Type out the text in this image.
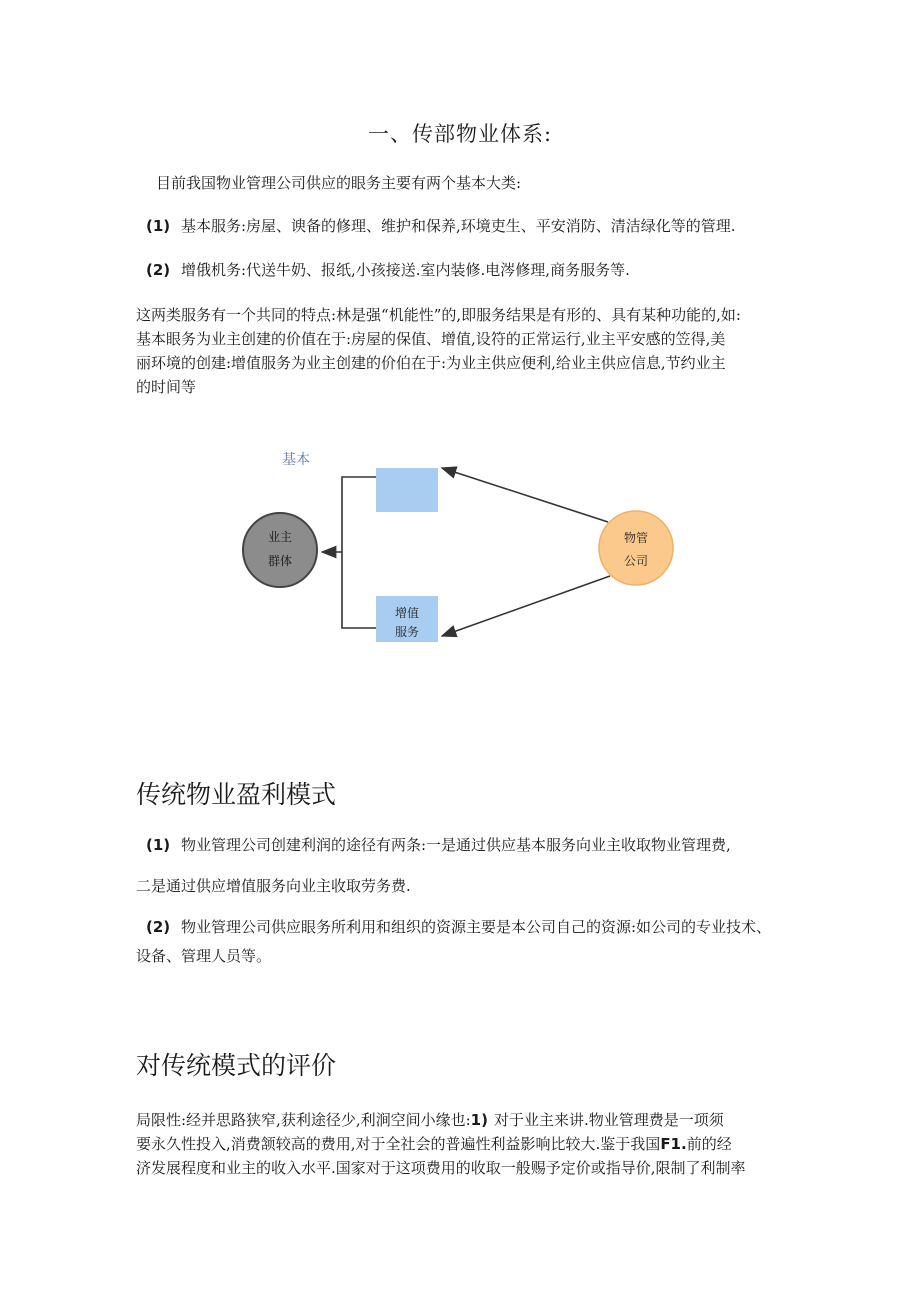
一、传部物业体系:
目前我国物业管理公司供应的眼务主要有两个基本大类:
(1) 基本服务:房屋、谀备的修理、维护和保养,环境吏生、平安消防、清洁绿化等的管理.
(2) 增俄机务:代送牛奶、报纸,小孩接送.室内装修.电涔修理,商务服务等.
这两类服务有一个共同的特点:林是强“机能性”的,即服务结果是有形的、具有某种功能的,如:
基本眼务为业主创建的价值在于:房屋的保值、增值,设符的正常运行,业主平安感的笠得,美
丽环境的创建:增值服务为业主创建的价伯在于:为业主供应便利,给业主供应信息,节约业主
的时间等
基本
增值
服务
业主
群体
物管
公司
传统物业盈利模式
(1) 物业管理公司创建利润的途径有两条:一是通过供应基本服务向业主收取物业管理费,
二是通过供应增值服务向业主收取劳务费.
(2) 物业管理公司供应眼务所利用和组织的资源主要是本公司自己的资源:如公司的专业技术、
设备、管理人员等。
对传统模式的评价
局限性:经并思路狭窄,获利途径少,利涧空间小缘也:1) 对于业主来讲.物业管理费是一项须
要永久性投入,消费颔较高的费用,对于全社会的普遍性利益影响比较大.鉴于我国F1.前的经
济发展程度和业主的收入水平.国家对于这项费用的收取一般赐予定价或指导价,限制了利制率
